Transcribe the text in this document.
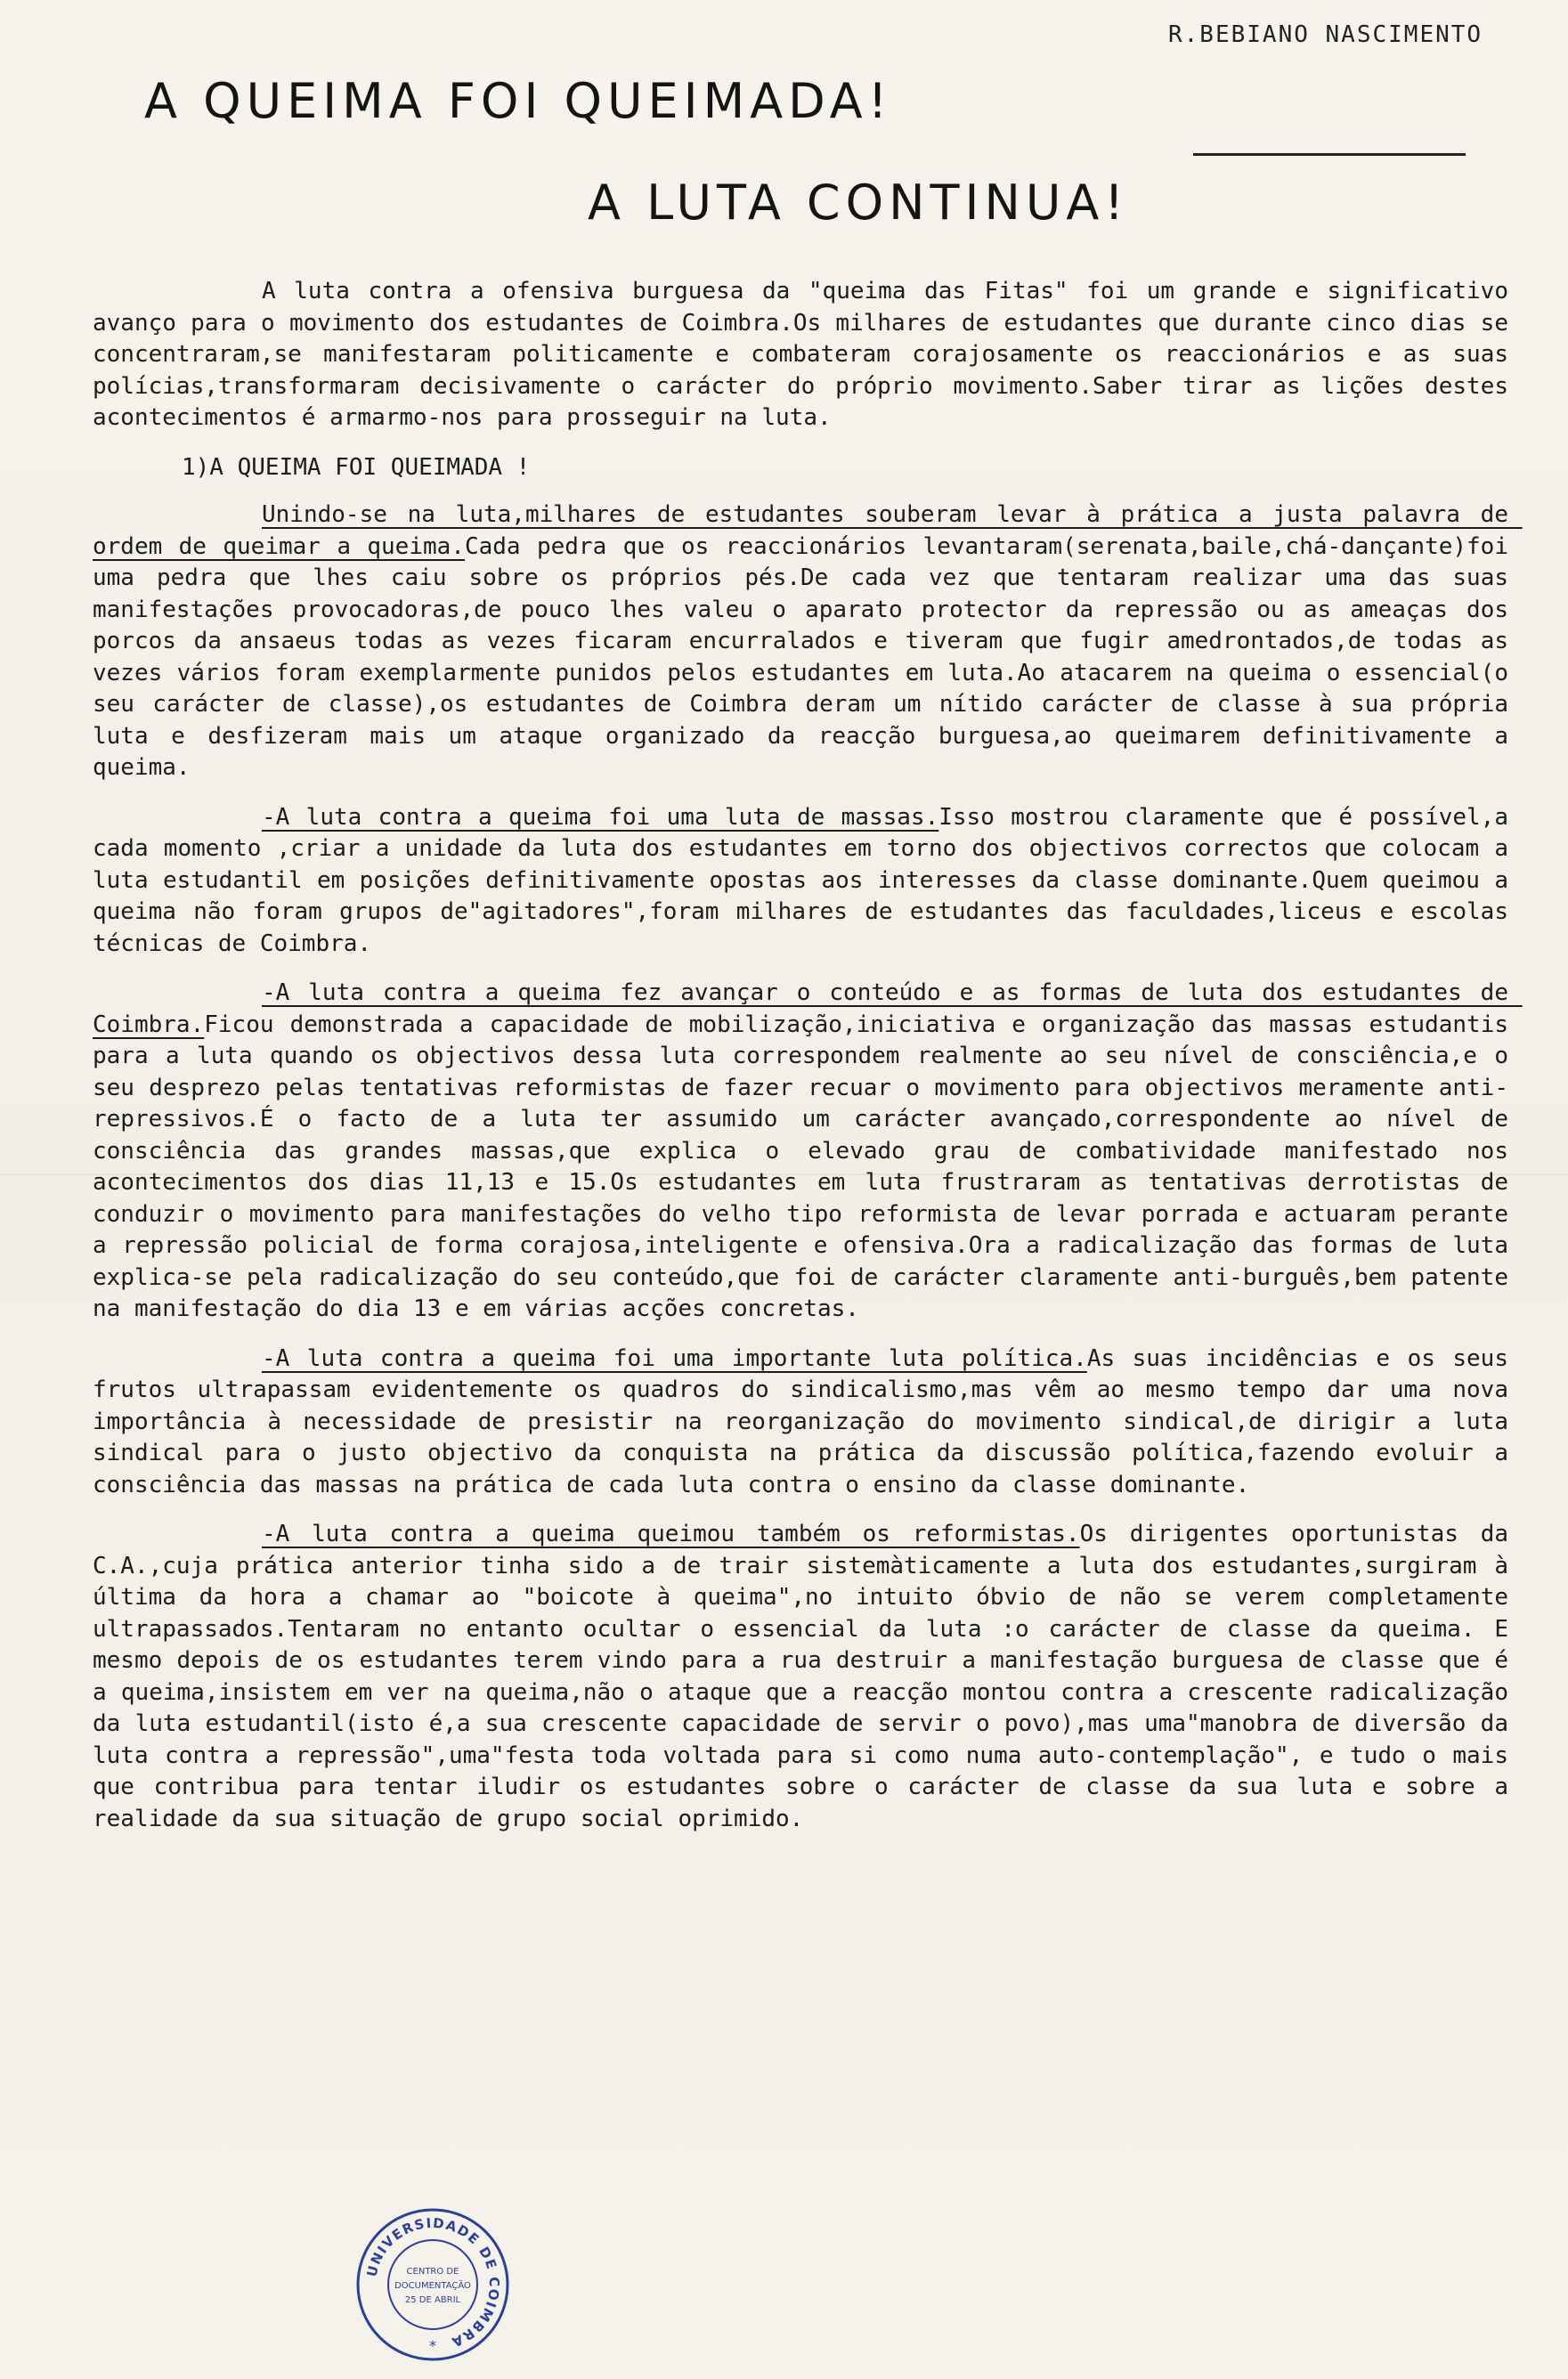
R.BEBIANO NASCIMENTO
A QUEIMA FOI QUEIMADA!
A LUTA CONTINUA!

A luta contra a ofensiva burguesa da "queima das Fitas" foi um grande e significativo avanço para o movimento dos estudantes de Coimbra.Os milhares de estudantes que durante cinco dias se concentraram,se manifestaram politicamente e combateram corajosamente os reaccionários e as suas polícias,transformaram decisivamente o carácter do próprio movimento.Saber tirar as lições destes acontecimentos é armarmo-nos para prosseguir na luta.

1)A QUEIMA FOI QUEIMADA !

Unindo-se na luta,milhares de estudantes souberam levar à prática a justa palavra de ordem de queimar a queima.Cada pedra que os reaccionários levantaram(serenata,baile,chá-dançante)foi uma pedra que lhes caiu sobre os próprios pés.De cada vez que tentaram realizar uma das suas manifestações provocadoras,de pouco lhes valeu o aparato protector da repressão ou as ameaças dos porcos da ansaeus todas as vezes ficaram encurralados e tiveram que fugir amedrontados,de todas as vezes vários foram exemplarmente punidos pelos estudantes em luta.Ao atacarem na queima o essencial(o seu carácter de classe),os estudantes de Coimbra deram um nítido carácter de classe à sua própria luta e desfizeram mais um ataque organizado da reacção burguesa,ao queimarem definitivamente a queima.

-A luta contra a queima foi uma luta de massas.Isso mostrou claramente que é possível,a cada momento ,criar a unidade da luta dos estudantes em torno dos objectivos correctos que colocam a luta estudantil em posições definitivamente opostas aos interesses da classe dominante.Quem queimou a queima não foram grupos de"agitadores",foram milhares de estudantes das faculdades,liceus e escolas técnicas de Coimbra.

-A luta contra a queima fez avançar o conteúdo e as formas de luta dos estudantes de Coimbra.Ficou demonstrada a capacidade de mobilização,iniciativa e organização das massas estudantis para a luta quando os objectivos dessa luta correspondem realmente ao seu nível de consciência,e o seu desprezo pelas tentativas reformistas de fazer recuar o movimento para objectivos meramente anti-repressivos.É o facto de a luta ter assumido um carácter avançado,correspondente ao nível de consciência das grandes massas,que explica o elevado grau de combatividade manifestado nos acontecimentos dos dias 11,13 e 15.Os estudantes em luta frustraram as tentativas derrotistas de conduzir o movimento para manifestações do velho tipo reformista de levar porrada e actuaram perante a repressão policial de forma corajosa,inteligente e ofensiva.Ora a radicalização das formas de luta explica-se pela radicalização do seu conteúdo,que foi de carácter claramente anti-burguês,bem patente na manifestação do dia 13 e em várias acções concretas.

-A luta contra a queima foi uma importante luta política.As suas incidências e os seus frutos ultrapassam evidentemente os quadros do sindicalismo,mas vêm ao mesmo tempo dar uma nova importância à necessidade de presistir na reorganização do movimento sindical,de dirigir a luta sindical para o justo objectivo da conquista na prática da discussão política,fazendo evoluir a consciência das massas na prática de cada luta contra o ensino da classe dominante.

-A luta contra a queima queimou também os reformistas.Os dirigentes oportunistas da C.A.,cuja prática anterior tinha sido a de trair sistemàticamente a luta dos estudantes,surgiram à última da hora a chamar ao "boicote à queima",no intuito óbvio de não se verem completamente ultrapassados.Tentaram no entanto ocultar o essencial da luta :o carácter de classe da queima. E mesmo depois de os estudantes terem vindo para a rua destruir a manifestação burguesa de classe que é a queima,insistem em ver na queima,não o ataque que a reacção montou contra a crescente radicalização da luta estudantil(isto é,a sua crescente capacidade de servir o povo),mas uma"manobra de diversão da luta contra a repressão",uma"festa toda voltada para si como numa auto-contemplação", e tudo o mais que contribua para tentar iludir os estudantes sobre o carácter de classe da sua luta e sobre a realidade da sua situação de grupo social oprimido.

UNIVERSIDADE DE COIMBRA
CENTRO DE
DOCUMENTAÇÃO
25 DE ABRIL
*
